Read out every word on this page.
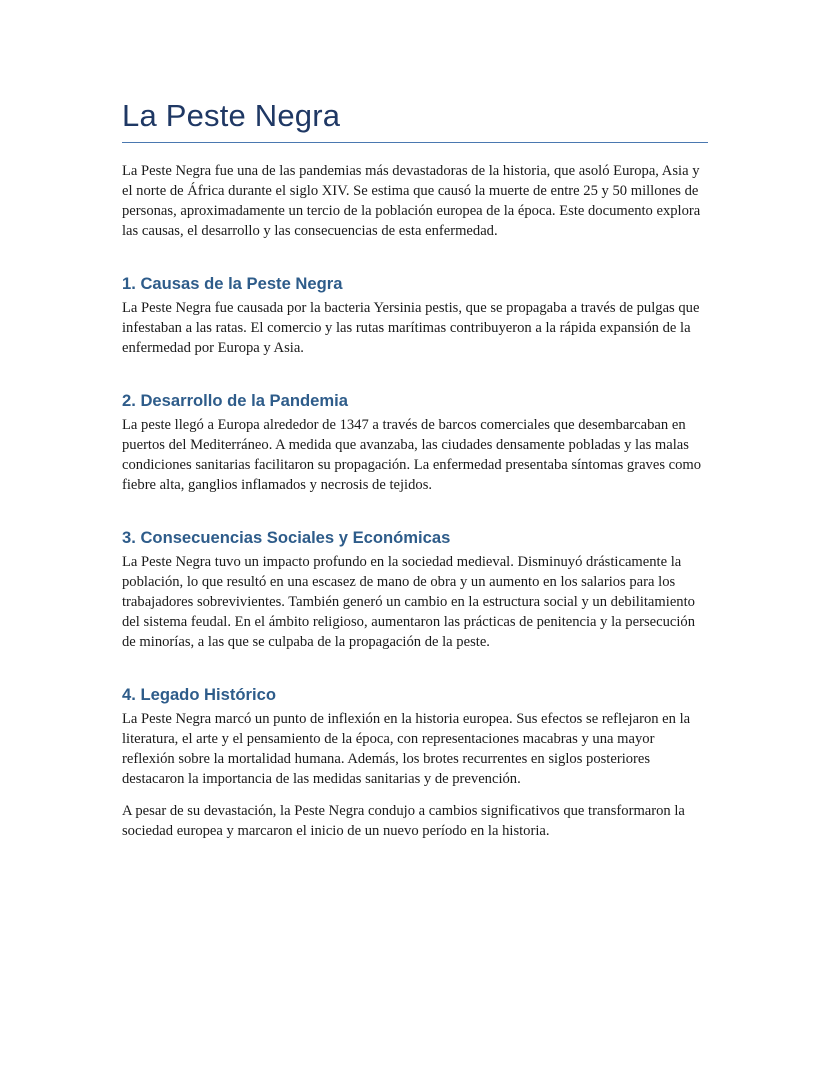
La Peste Negra

La Peste Negra fue una de las pandemias más devastadoras de la historia, que asoló Europa, Asia y el norte de África durante el siglo XIV. Se estima que causó la muerte de entre 25 y 50 millones de personas, aproximadamente un tercio de la población europea de la época. Este documento explora las causas, el desarrollo y las consecuencias de esta enfermedad.

1. Causas de la Peste Negra

La Peste Negra fue causada por la bacteria Yersinia pestis, que se propagaba a través de pulgas que infestaban a las ratas. El comercio y las rutas marítimas contribuyeron a la rápida expansión de la enfermedad por Europa y Asia.

2. Desarrollo de la Pandemia

La peste llegó a Europa alrededor de 1347 a través de barcos comerciales que desembarcaban en puertos del Mediterráneo. A medida que avanzaba, las ciudades densamente pobladas y las malas condiciones sanitarias facilitaron su propagación. La enfermedad presentaba síntomas graves como fiebre alta, ganglios inflamados y necrosis de tejidos.

3. Consecuencias Sociales y Económicas

La Peste Negra tuvo un impacto profundo en la sociedad medieval. Disminuyó drásticamente la población, lo que resultó en una escasez de mano de obra y un aumento en los salarios para los trabajadores sobrevivientes. También generó un cambio en la estructura social y un debilitamiento del sistema feudal. En el ámbito religioso, aumentaron las prácticas de penitencia y la persecución de minorías, a las que se culpaba de la propagación de la peste.

4. Legado Histórico

La Peste Negra marcó un punto de inflexión en la historia europea. Sus efectos se reflejaron en la literatura, el arte y el pensamiento de la época, con representaciones macabras y una mayor reflexión sobre la mortalidad humana. Además, los brotes recurrentes en siglos posteriores destacaron la importancia de las medidas sanitarias y de prevención.

A pesar de su devastación, la Peste Negra condujo a cambios significativos que transformaron la sociedad europea y marcaron el inicio de un nuevo período en la historia.
